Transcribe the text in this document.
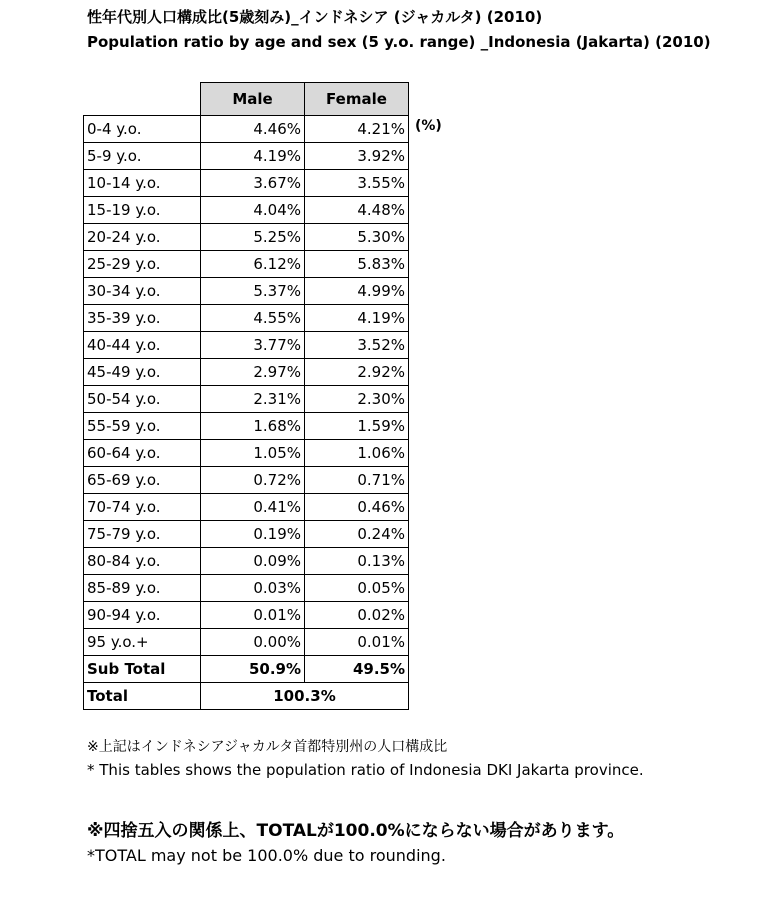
性年代別人口構成比(5歳刻み)_インドネシア (ジャカルタ) (2010)
Population ratio by age and sex (5 y.o. range) _Indonesia (Jakarta) (2010)
	Male	Female
0-4 y.o.	4.46%	4.21%
5-9 y.o.	4.19%	3.92%
10-14 y.o.	3.67%	3.55%
15-19 y.o.	4.04%	4.48%
20-24 y.o.	5.25%	5.30%
25-29 y.o.	6.12%	5.83%
30-34 y.o.	5.37%	4.99%
35-39 y.o.	4.55%	4.19%
40-44 y.o.	3.77%	3.52%
45-49 y.o.	2.97%	2.92%
50-54 y.o.	2.31%	2.30%
55-59 y.o.	1.68%	1.59%
60-64 y.o.	1.05%	1.06%
65-69 y.o.	0.72%	0.71%
70-74 y.o.	0.41%	0.46%
75-79 y.o.	0.19%	0.24%
80-84 y.o.	0.09%	0.13%
85-89 y.o.	0.03%	0.05%
90-94 y.o.	0.01%	0.02%
95 y.o.+	0.00%	0.01%
Sub Total	50.9%	49.5%
Total	100.3%	
(%)
※上記はインドネシアジャカルタ首都特別州の人口構成比
* This tables shows the population ratio of Indonesia DKI Jakarta province.
※四捨五入の関係上、TOTALが100.0%にならない場合があります。
*TOTAL may not be 100.0% due to rounding.
